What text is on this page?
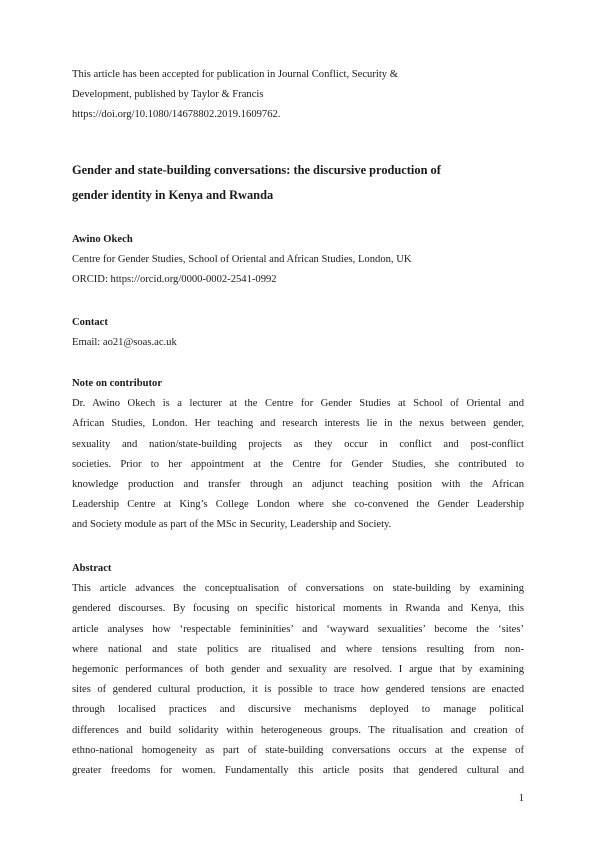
This article has been accepted for publication in Journal Conflict, Security &
Development, published by Taylor & Francis
https://doi.org/10.1080/14678802.2019.1609762.
Gender and state-building conversations: the discursive production of
gender identity in Kenya and Rwanda
Awino Okech
Centre for Gender Studies, School of Oriental and African Studies, London, UK
ORCID: https://orcid.org/0000-0002-2541-0992
Contact
Email: ao21@soas.ac.uk
Note on contributor
Dr. Awino Okech is a lecturer at the Centre for Gender Studies at School of Oriental and
African Studies, London. Her teaching and research interests lie in the nexus between gender,
sexuality and nation/state-building projects as they occur in conflict and post-conflict
societies. Prior to her appointment at the Centre for Gender Studies, she contributed to
knowledge production and transfer through an adjunct teaching position with the African
Leadership Centre at King’s College London where she co-convened the Gender Leadership
and Society module as part of the MSc in Security, Leadership and Society.
Abstract
This article advances the conceptualisation of conversations on state-building by examining
gendered discourses. By focusing on specific historical moments in Rwanda and Kenya, this
article analyses how ‘respectable femininities’ and ‘wayward sexualities’ become the ‘sites’
where national and state politics are ritualised and where tensions resulting from non-
hegemonic performances of both gender and sexuality are resolved. I argue that by examining
sites of gendered cultural production, it is possible to trace how gendered tensions are enacted
through localised practices and discursive mechanisms deployed to manage political
differences and build solidarity within heterogeneous groups. The ritualisation and creation of
ethno-national homogeneity as part of state-building conversations occurs at the expense of
greater freedoms for women. Fundamentally this article posits that gendered cultural and
1
